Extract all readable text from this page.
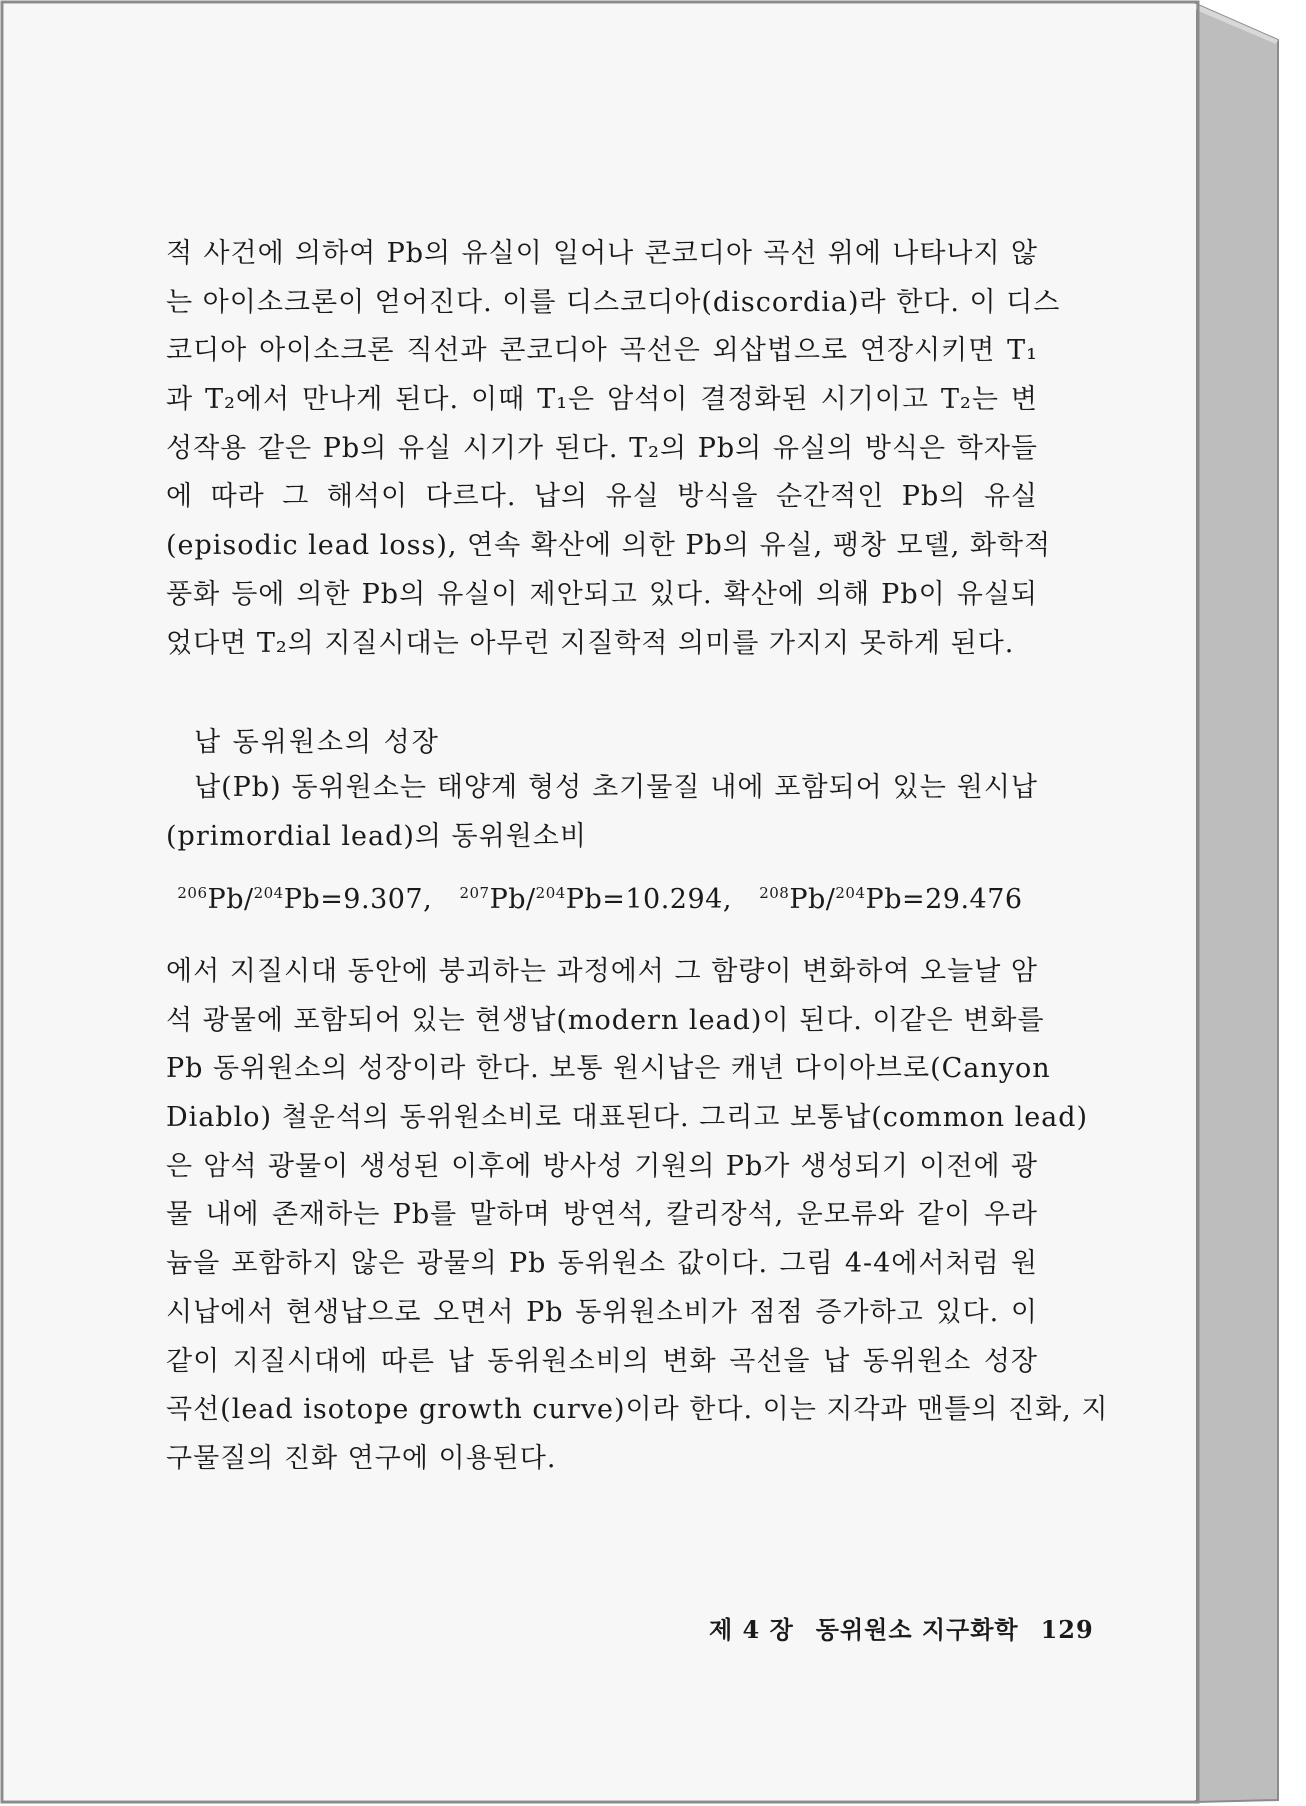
적 사건에 의하여 Pb의 유실이 일어나 콘코디아 곡선 위에 나타나지 않
는 아이소크론이 얻어진다. 이를 디스코디아(discordia)라 한다. 이 디스
코디아 아이소크론 직선과 콘코디아 곡선은 외삽법으로 연장시키면 T₁
과 T₂에서 만나게 된다. 이때 T₁은 암석이 결정화된 시기이고 T₂는 변
성작용 같은 Pb의 유실 시기가 된다. T₂의 Pb의 유실의 방식은 학자들
에 따라 그 해석이 다르다. 납의 유실 방식을 순간적인 Pb의 유실
(episodic lead loss), 연속 확산에 의한 Pb의 유실, 팽창 모델, 화학적
풍화 등에 의한 Pb의 유실이 제안되고 있다. 확산에 의해 Pb이 유실되
었다면 T₂의 지질시대는 아무런 지질학적 의미를 가지지 못하게 된다.
납 동위원소의 성장
납(Pb) 동위원소는 태양계 형성 초기물질 내에 포함되어 있는 원시납
(primordial lead)의 동위원소비
$^{206}$Pb/$^{204}$Pb=9.307, $^{207}$Pb/$^{204}$Pb=10.294, $^{208}$Pb/$^{204}$Pb=29.476
에서 지질시대 동안에 붕괴하는 과정에서 그 함량이 변화하여 오늘날 암
석 광물에 포함되어 있는 현생납(modern lead)이 된다. 이같은 변화를
Pb 동위원소의 성장이라 한다. 보통 원시납은 캐년 다이아브로(Canyon
Diablo) 철운석의 동위원소비로 대표된다. 그리고 보통납(common lead)
은 암석 광물이 생성된 이후에 방사성 기원의 Pb가 생성되기 이전에 광
물 내에 존재하는 Pb를 말하며 방연석, 칼리장석, 운모류와 같이 우라
늄을 포함하지 않은 광물의 Pb 동위원소 값이다. 그림 4-4에서처럼 원
시납에서 현생납으로 오면서 Pb 동위원소비가 점점 증가하고 있다. 이
같이 지질시대에 따른 납 동위원소비의 변화 곡선을 납 동위원소 성장
곡선(lead isotope growth curve)이라 한다. 이는 지각과 맨틀의 진화, 지
구물질의 진화 연구에 이용된다.
제 4 장 동위원소 지구화학 129
